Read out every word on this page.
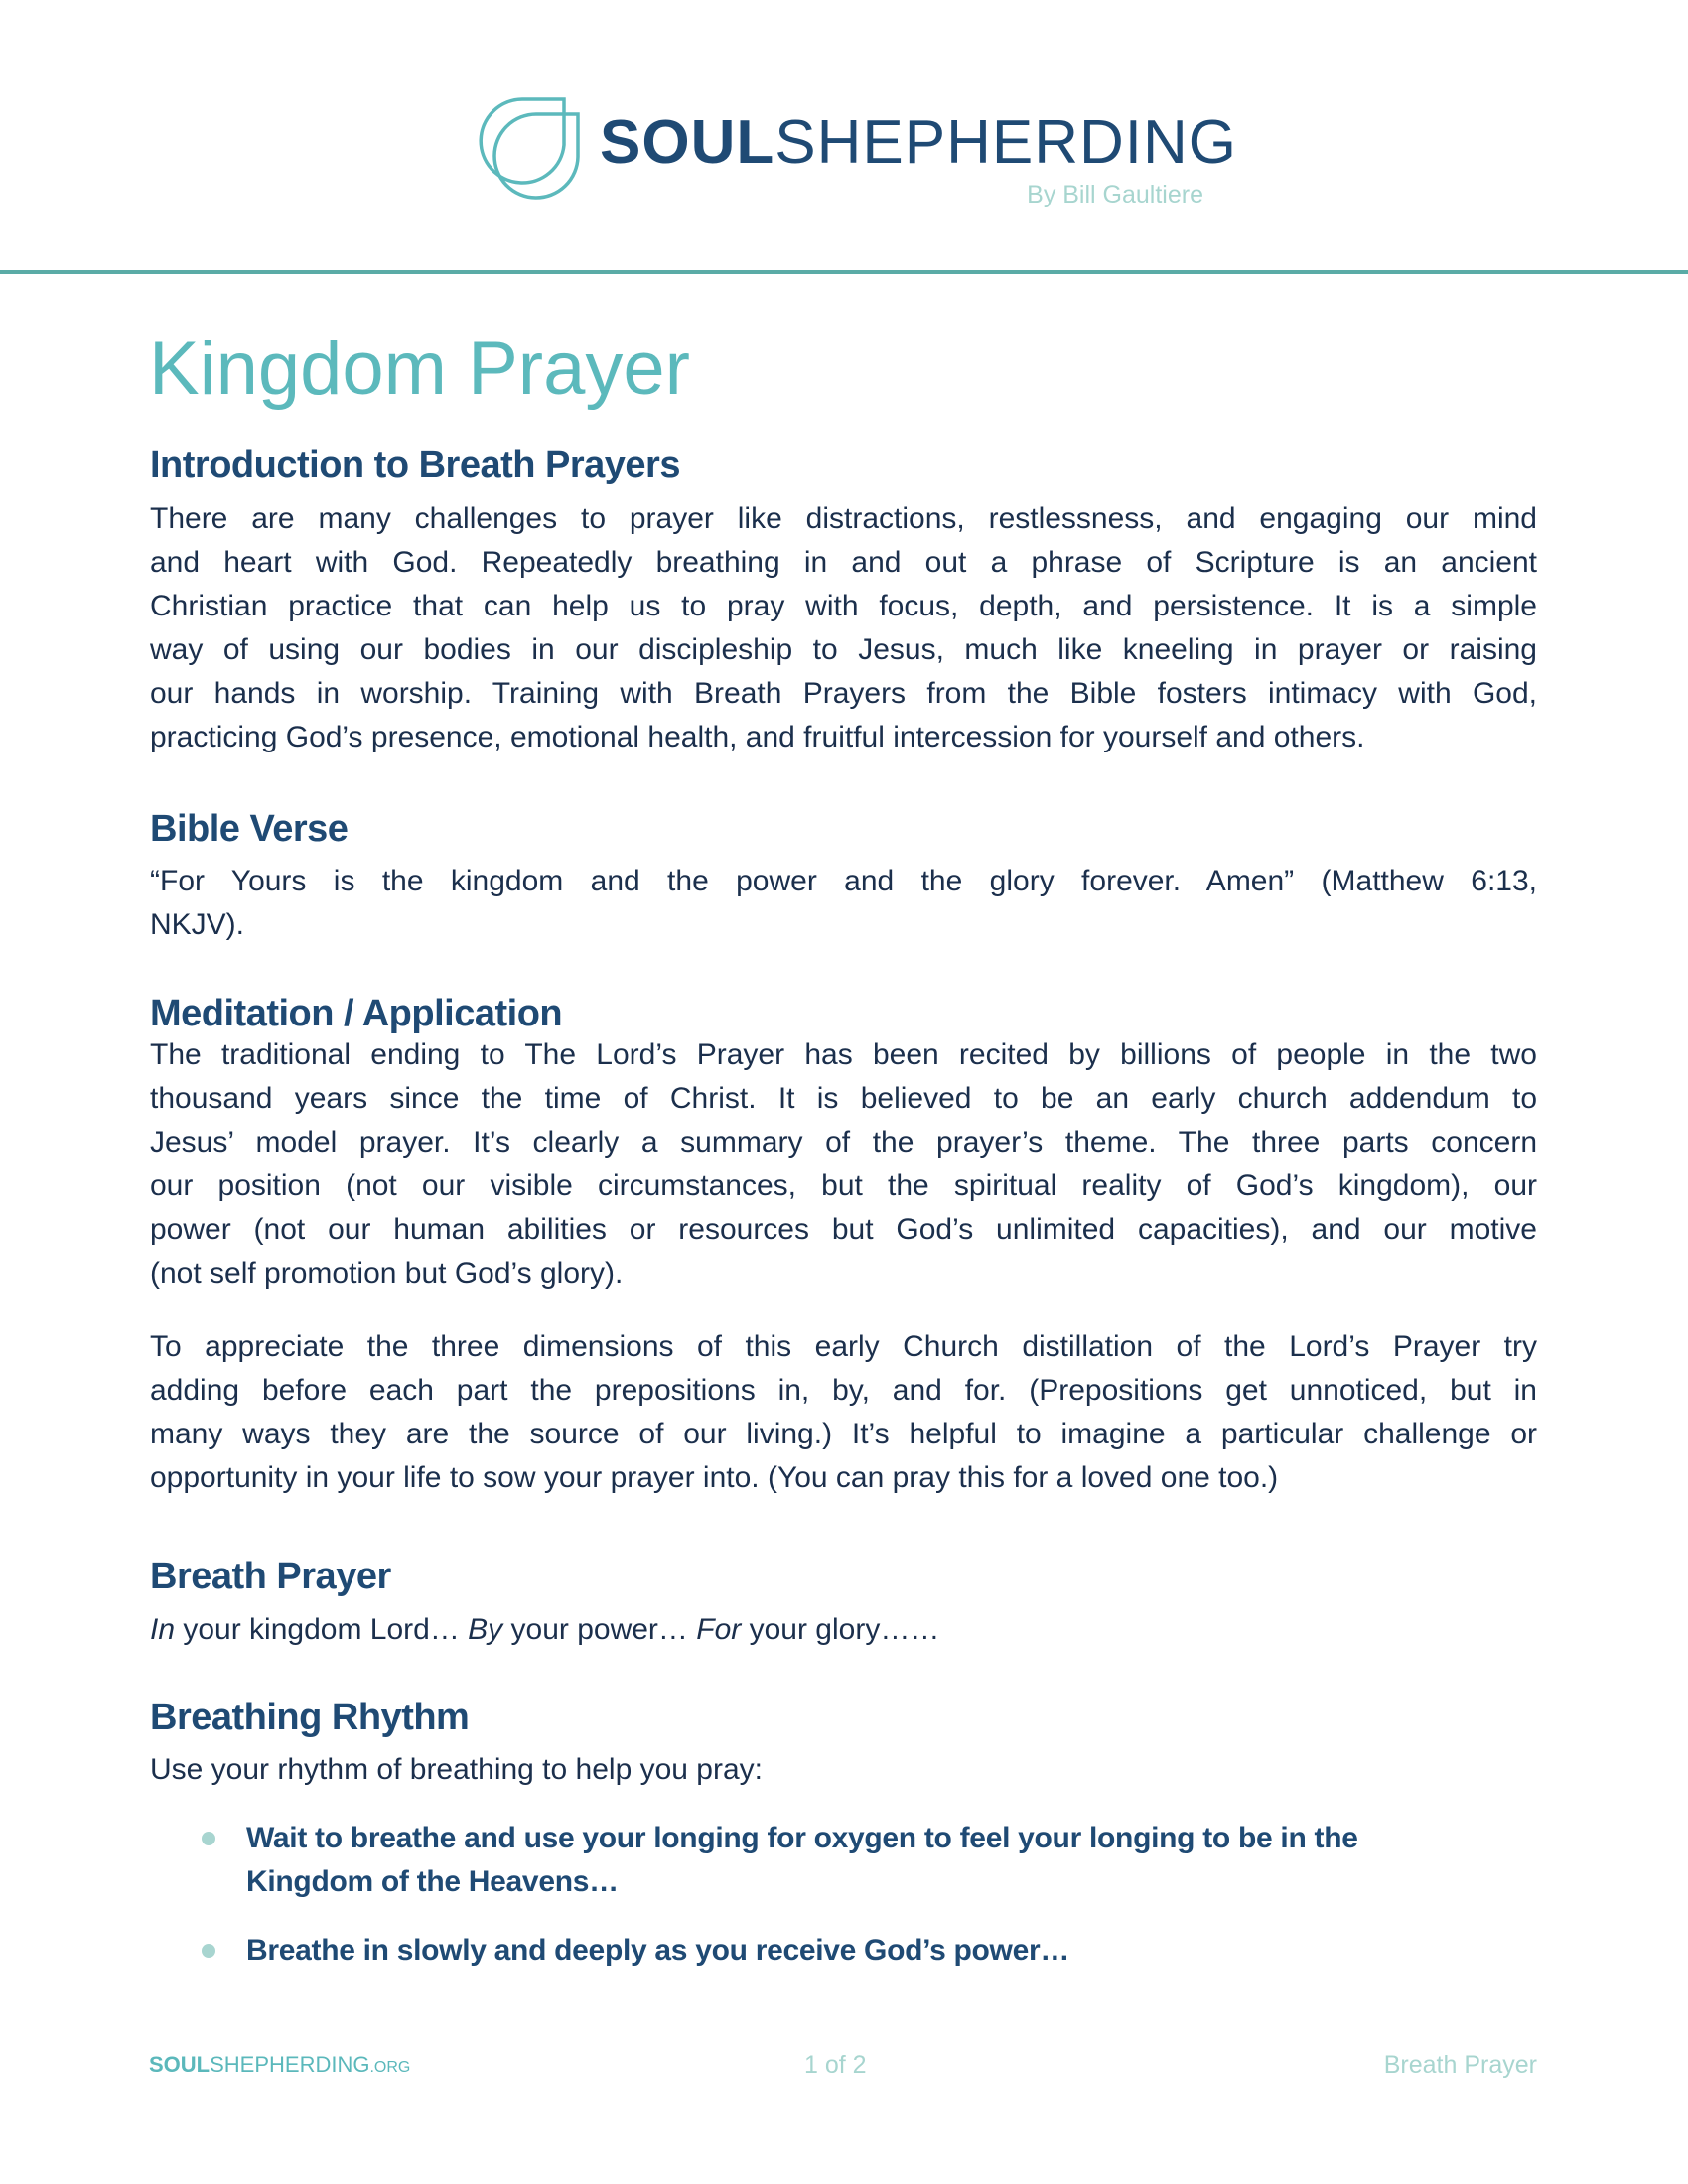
SOULSHEPHERDING
By Bill Gaultiere
Kingdom Prayer
Introduction to Breath Prayers
There are many challenges to prayer like distractions, restlessness, and engaging our mind
and heart with God. Repeatedly breathing in and out a phrase of Scripture is an ancient
Christian practice that can help us to pray with focus, depth, and persistence. It is a simple
way of using our bodies in our discipleship to Jesus, much like kneeling in prayer or raising
our hands in worship. Training with Breath Prayers from the Bible fosters intimacy with God,
practicing God’s presence, emotional health, and fruitful intercession for yourself and others.
Bible Verse
“For Yours is the kingdom and the power and the glory forever. Amen” (Matthew 6:13,
NKJV).
Meditation / Application
The traditional ending to The Lord’s Prayer has been recited by billions of people in the two
thousand years since the time of Christ. It is believed to be an early church addendum to
Jesus’ model prayer. It’s clearly a summary of the prayer’s theme. The three parts concern
our position (not our visible circumstances, but the spiritual reality of God’s kingdom), our
power (not our human abilities or resources but God’s unlimited capacities), and our motive
(not self promotion but God’s glory).
To appreciate the three dimensions of this early Church distillation of the Lord’s Prayer try
adding before each part the prepositions in, by, and for. (Prepositions get unnoticed, but in
many ways they are the source of our living.) It’s helpful to imagine a particular challenge or
opportunity in your life to sow your prayer into. (You can pray this for a loved one too.)
Breath Prayer
In your kingdom Lord… By your power… For your glory……
Breathing Rhythm
Use your rhythm of breathing to help you pray:
Wait to breathe and use your longing for oxygen to feel your longing to be in the
Kingdom of the Heavens…
Breathe in slowly and deeply as you receive God’s power…
SOULSHEPHERDING.ORG	1 of 2	Breath Prayer
